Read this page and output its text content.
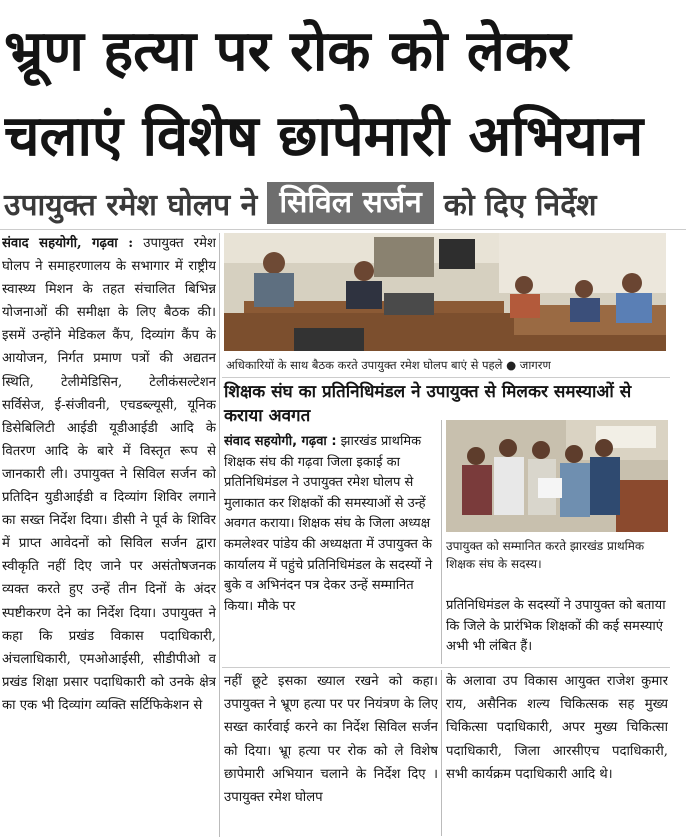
भ्रूण हत्या पर रोक को लेकर
चलाएं विशेष छापेमारी अभियान
उपायुक्त रमेश घोलप ने सिविल सर्जन को दिए निर्देश
संवाद सहयोगी, गढ़वा : उपायुक्त रमेश घोलप ने समाहरणालय के सभागार में राष्ट्रीय स्वास्थ्य मिशन के तहत संचालित बिभिन्न योजनाओं की समीक्षा के लिए बैठक की। इसमें उन्होंने मेडिकल कैंप, दिव्यांग कैंप के आयोजन, निर्गत प्रमाण पत्रों की अद्यतन स्थिति, टेलीमेडिसिन, टेलीकंसल्टेशन सर्विसेज, ई-संजीवनी, एचडब्ल्यूसी, यूनिक डिसेबिलिटी आईडी यूडीआईडी आदि के वितरण आदि के बारे में विस्तृत रूप से जानकारी ली। उपायुक्त ने सिविल सर्जन को प्रतिदिन युडीआईडी व दिव्यांग शिविर लगाने का सख्त निर्देश दिया। डीसी ने पूर्व के शिविर में प्राप्त आवेदनों को सिविल सर्जन द्वारा स्वीकृति नहीं दिए जाने पर असंतोषजनक व्यक्त करते हुए उन्हें तीन दिनों के अंदर स्पष्टीकरण देने का निर्देश दिया। उपायुक्त ने कहा कि प्रखंड विकास पदाधिकारी, अंचलाधिकारी, एमओआईसी, सीडीपीओ व प्रखंड शिक्षा प्रसार पदाधिकारी को उनके क्षेत्र का एक भी दिव्यांग व्यक्ति सर्टिफिकेशन से
अधिकारियों के साथ बैठक करते उपायुक्त रमेश घोलप बाएं से पहले ● जागरण
शिक्षक संघ का प्रतिनिधिमंडल ने उपायुक्त से मिलकर समस्याओं से कराया अवगत
संवाद सहयोगी, गढ़वा : झारखंड प्राथमिक शिक्षक संघ की गढ़वा जिला इकाई का प्रतिनिधिमंडल ने उपायुक्त रमेश घोलप से मुलाकात कर शिक्षकों की समस्याओं से उन्हें अवगत कराया। शिक्षक संघ के जिला अध्यक्ष कमलेश्वर पांडेय की अध्यक्षता में उपायुक्त के कार्यालय में पहुंचे प्रतिनिधिमंडल के सदस्यों ने बुके व अभिनंदन पत्र देकर उन्हें सम्मानित किया। मौके पर
उपायुक्त को सम्मानित करते झारखंड प्राथमिक शिक्षक संघ के सदस्य।
प्रतिनिधिमंडल के सदस्यों ने उपायुक्त को बताया कि जिले के प्रारंभिक शिक्षकों की कई समस्याएं अभी भी लंबित हैं।
नहीं छूटे इसका ख्याल रखने को कहा। उपायुक्त ने भ्रूण हत्या पर पर नियंत्रण के लिए सख्त कार्रवाई करने का निर्देश सिविल सर्जन को दिया। भ्रूा हत्या पर रोक को ले विशेष छापेमारी अभियान चलाने के निर्देश दिए । उपायुक्त रमेश घोलप
के अलावा उप विकास आयुक्त राजेश कुमार राय, असैनिक शल्य चिकित्सक सह मुख्य चिकित्सा पदाधिकारी, अपर मुख्य चिकित्सा पदाधिकारी, जिला आरसीएच पदाधिकारी, सभी कार्यक्रम पदाधिकारी आदि थे।
